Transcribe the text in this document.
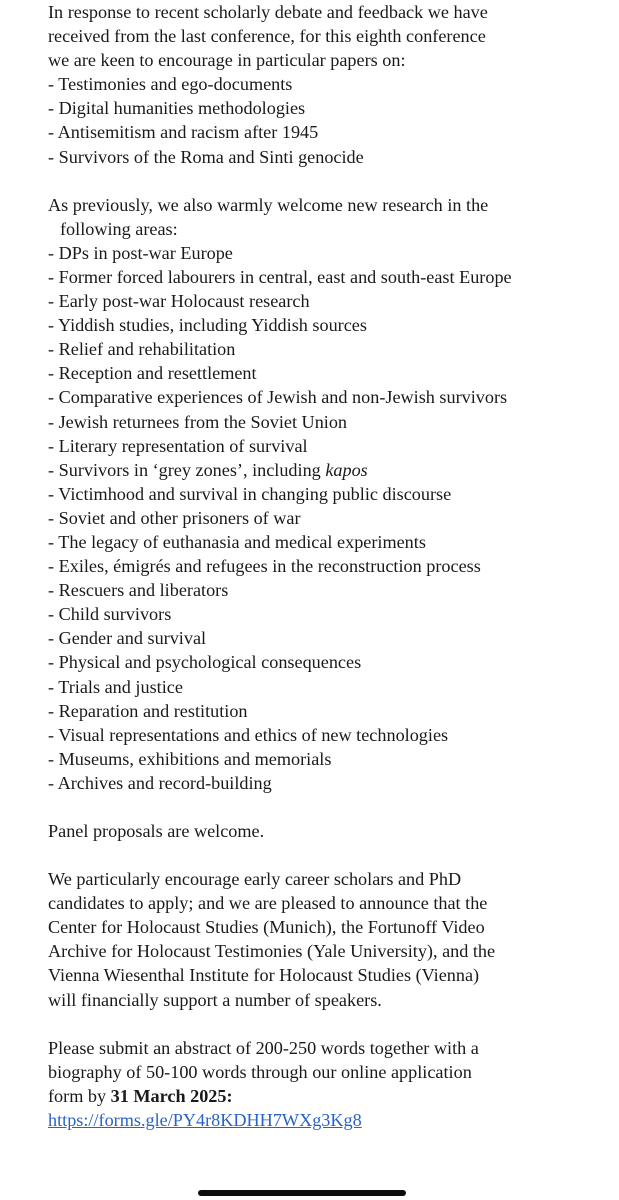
In response to recent scholarly debate and feedback we have
received from the last conference, for this eighth conference
we are keen to encourage in particular papers on:
- Testimonies and ego-documents
- Digital humanities methodologies
- Antisemitism and racism after 1945
- Survivors of the Roma and Sinti genocide
As previously, we also warmly welcome new research in the
following areas:
- DPs in post-war Europe
- Former forced labourers in central, east and south-east Europe
- Early post-war Holocaust research
- Yiddish studies, including Yiddish sources
- Relief and rehabilitation
- Reception and resettlement
- Comparative experiences of Jewish and non-Jewish survivors
- Jewish returnees from the Soviet Union
- Literary representation of survival
- Survivors in ‘grey zones’, including kapos
- Victimhood and survival in changing public discourse
- Soviet and other prisoners of war
- The legacy of euthanasia and medical experiments
- Exiles, émigrés and refugees in the reconstruction process
- Rescuers and liberators
- Child survivors
- Gender and survival
- Physical and psychological consequences
- Trials and justice
- Reparation and restitution
- Visual representations and ethics of new technologies
- Museums, exhibitions and memorials
- Archives and record-building
Panel proposals are welcome.
We particularly encourage early career scholars and PhD
candidates to apply; and we are pleased to announce that the
Center for Holocaust Studies (Munich), the Fortunoff Video
Archive for Holocaust Testimonies (Yale University), and the
Vienna Wiesenthal Institute for Holocaust Studies (Vienna)
will financially support a number of speakers.
Please submit an abstract of 200-250 words together with a
biography of 50-100 words through our online application
form by 31 March 2025:
https://forms.gle/PY4r8KDHH7WXg3Kg8
